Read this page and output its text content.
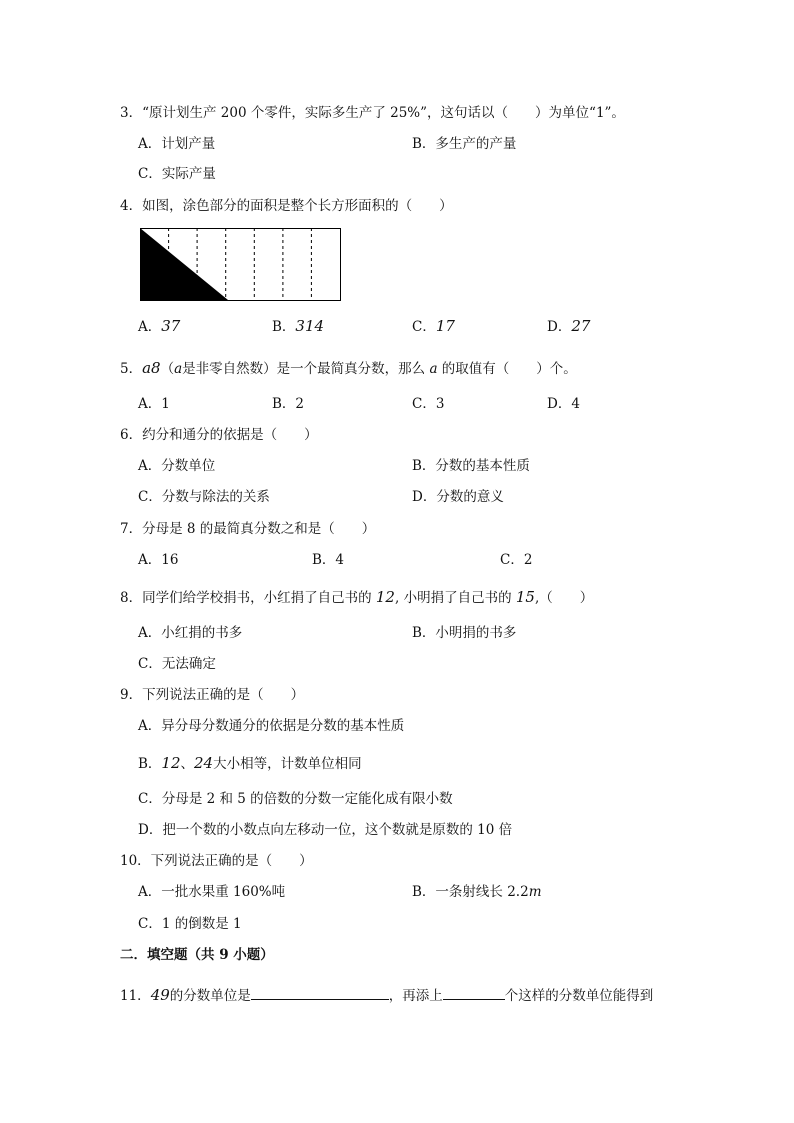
3．“原计划生产 200 个零件，实际多生产了 25%”，这句话以（　　）为单位“1”。
A．计划产量	B．多生产的产量
C．实际产量
4．如图，涂色部分的面积是整个长方形面积的（　　）
A．37	B．314	C．17	D．27
5．a8（a是非零自然数）是一个最简真分数，那么 a 的取值有（　　）个。
A．1	B．2	C．3	D．4
6．约分和通分的依据是（　　）
A．分数单位	B．分数的基本性质
C．分数与除法的关系	D．分数的意义
7．分母是 8 的最简真分数之和是（　　）
A．16	B．4	C．2
8．同学们给学校捐书，小红捐了自己书的 12, 小明捐了自己书的 15,（　　）
A．小红捐的书多	B．小明捐的书多
C．无法确定
9．下列说法正确的是（　　）
A．异分母分数通分的依据是分数的基本性质
B．12、24大小相等，计数单位相同
C．分母是 2 和 5 的倍数的分数一定能化成有限小数
D．把一个数的小数点向左移动一位，这个数就是原数的 10 倍
10．下列说法正确的是（　　）
A．一批水果重 160%吨	B．一条射线长 2.2m
C．1 的倒数是 1
二．填空题（共 9 小题）
11．49的分数单位是	，再添上	个这样的分数单位能得到
